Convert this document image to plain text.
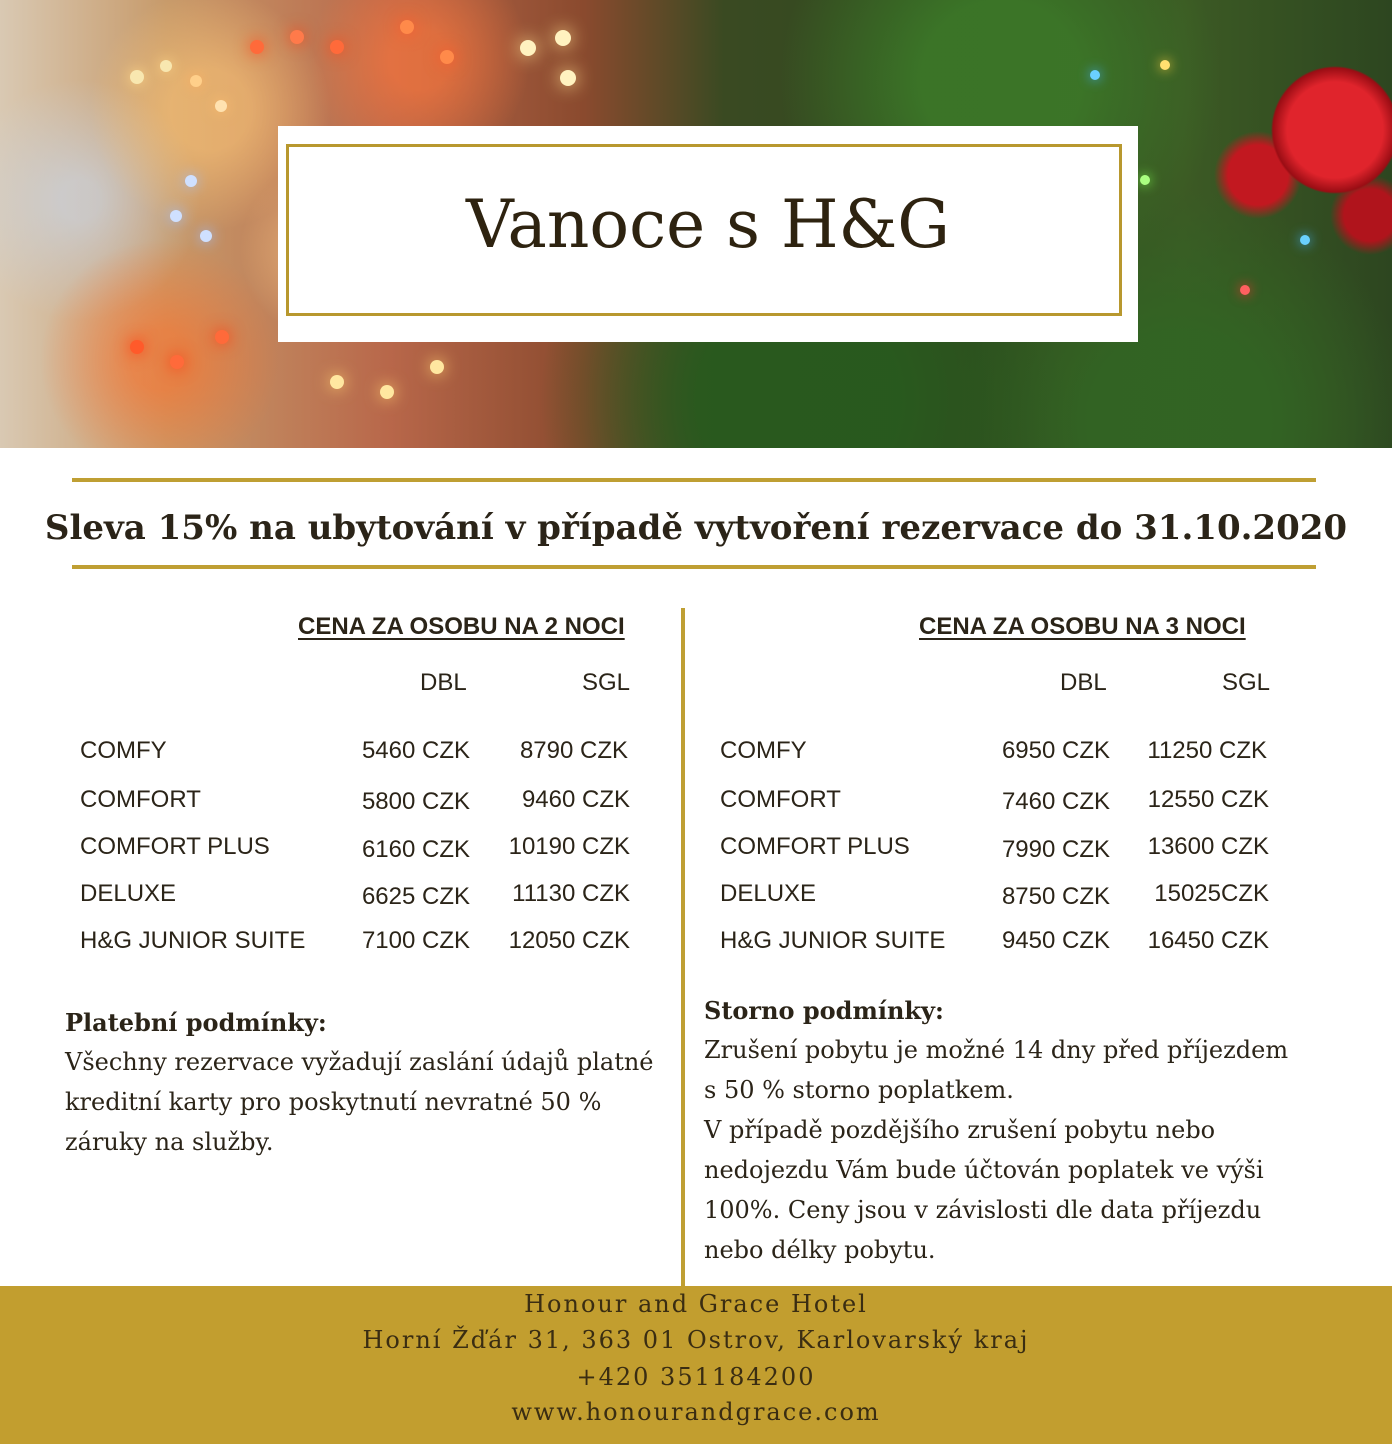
Vanoce s H&G
Sleva 15% na ubytování v případě vytvoření rezervace do 31.10.2020
CENA ZA OSOBU NA 2 NOCI
DBL	SGL
COMFY	5460 CZK	8790 CZK
COMFORT	5800 CZK	9460 CZK
COMFORT PLUS	6160 CZK	10190 CZK
DELUXE	6625 CZK	11130 CZK
H&G JUNIOR SUITE	7100 CZK	12050 CZK
CENA ZA OSOBU NA 3 NOCI
DBL	SGL
COMFY	6950 CZK	11250 CZK
COMFORT	7460 CZK	12550 CZK
COMFORT PLUS	7990 CZK	13600 CZK
DELUXE	8750 CZK	15025CZK
H&G JUNIOR SUITE	9450 CZK	16450 CZK
Platební podmínky:
Všechny rezervace vyžadují zaslání údajů platné
kreditní karty pro poskytnutí nevratné 50 %
záruky na služby.
Storno podmínky:
Zrušení pobytu je možné 14 dny před příjezdem
s 50 % storno poplatkem.
V případě pozdějšího zrušení pobytu nebo
nedojezdu Vám bude účtován poplatek ve výši
100%. Ceny jsou v závislosti dle data příjezdu
nebo délky pobytu.
Honour and Grace Hotel
Horní Žďár 31, 363 01 Ostrov, Karlovarský kraj
+420 351184200
www.honourandgrace.com
